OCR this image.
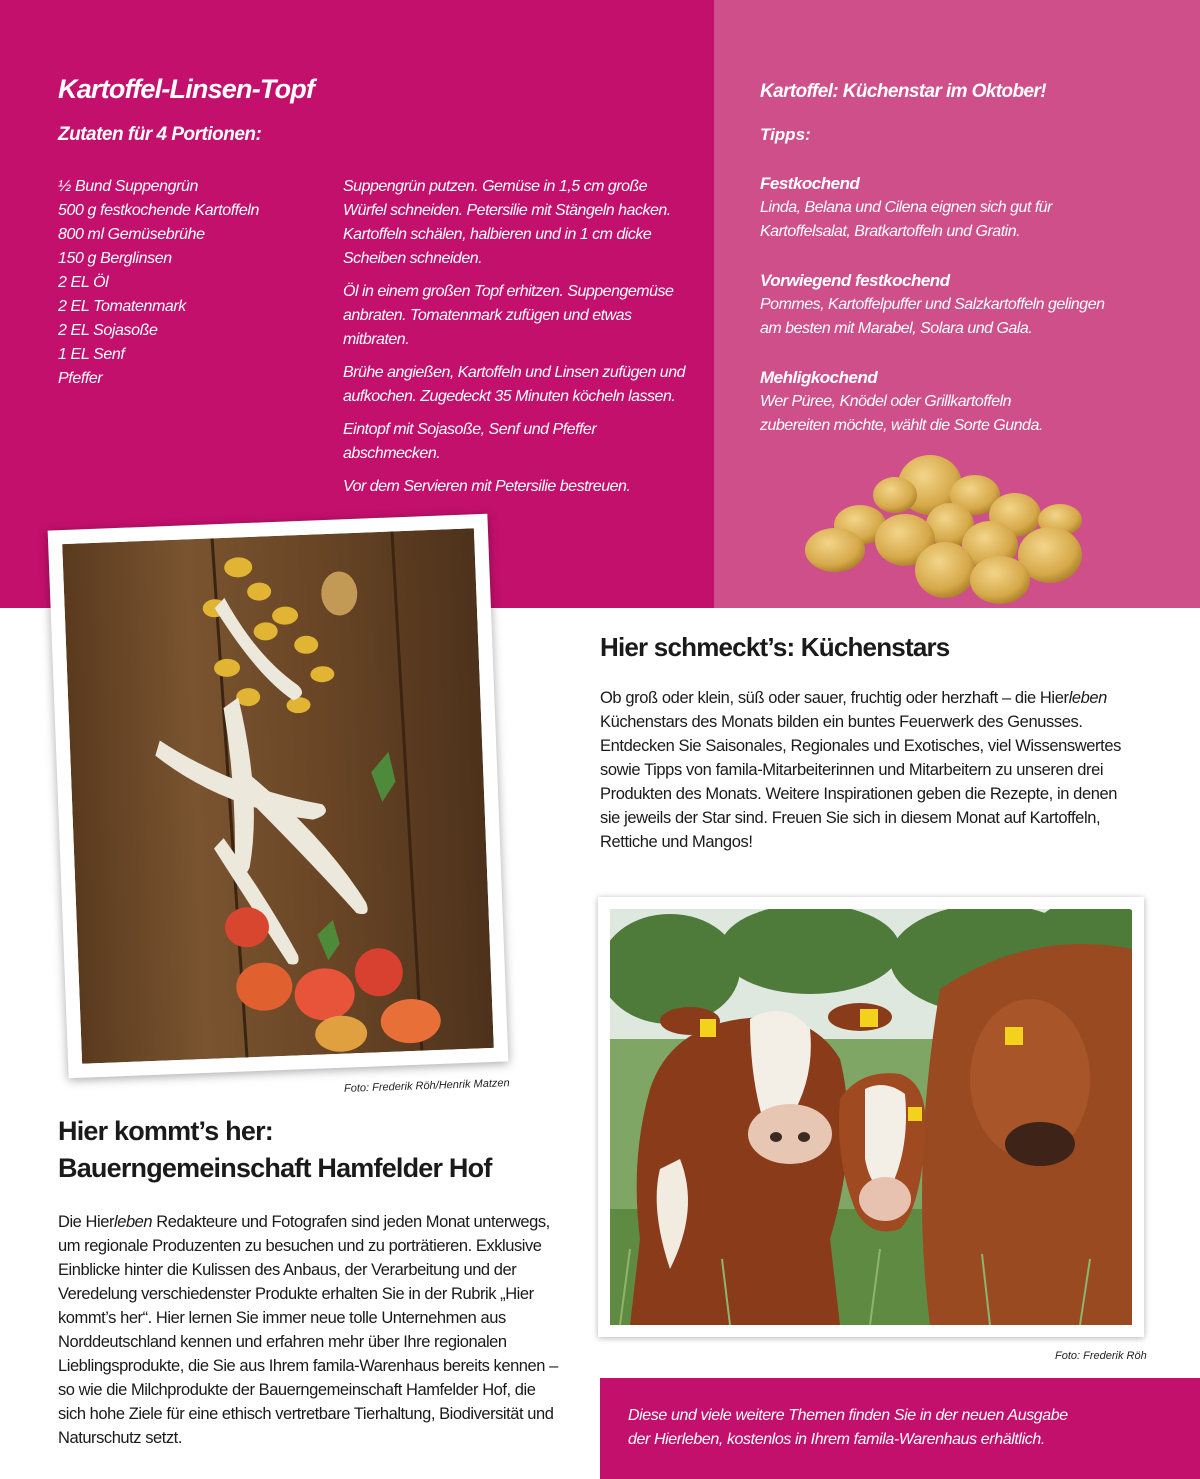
Kartoffel-Linsen-Topf
Zutaten für 4 Portionen:
½ Bund Suppengrün
500 g festkochende Kartoffeln
800 ml Gemüsebrühe
150 g Berglinsen
2 EL Öl
2 EL Tomatenmark
2 EL Sojasoße
1 EL Senf
Pfeffer

Suppengrün putzen. Gemüse in 1,5 cm große Würfel schneiden. Petersilie mit Stängeln hacken. Kartoffeln schälen, halbieren und in 1 cm dicke Scheiben schneiden.

Öl in einem großen Topf erhitzen. Suppengemüse anbraten. Tomatenmark zufügen und etwas mitbraten.

Brühe angießen, Kartoffeln und Linsen zufügen und aufkochen. Zugedeckt 35 Minuten köcheln lassen.

Eintopf mit Sojasoße, Senf und Pfeffer abschmecken.

Vor dem Servieren mit Petersilie bestreuen.

Kartoffel: Küchenstar im Oktober!
Tipps:
Festkochend
Linda, Belana und Cilena eignen sich gut für Kartoffelsalat, Bratkartoffeln und Gratin.
Vorwiegend festkochend
Pommes, Kartoffelpuffer und Salzkartoffeln gelingen am besten mit Marabel, Solara und Gala.
Mehligkochend
Wer Püree, Knödel oder Grillkartoffeln zubereiten möchte, wählt die Sorte Gunda.
Foto: Frederik Röh/Henrik Matzen
Hier schmeckt’s: Küchenstars
Ob groß oder klein, süß oder sauer, fruchtig oder herzhaft – die Hierleben Küchenstars des Monats bilden ein buntes Feuerwerk des Genusses. Entdecken Sie Saisonales, Regionales und Exotisches, viel Wissenswertes sowie Tipps von famila-Mitarbeiterinnen und Mitarbeitern zu unseren drei Produkten des Monats. Weitere Inspirationen geben die Rezepte, in denen sie jeweils der Star sind. Freuen Sie sich in diesem Monat auf Kartoffeln, Rettiche und Mangos!
Foto: Frederik Röh
Hier kommt’s her:
Bauerngemeinschaft Hamfelder Hof
Die Hierleben Redakteure und Fotografen sind jeden Monat unterwegs, um regionale Produzenten zu besuchen und zu porträtieren. Exklusive Einblicke hinter die Kulissen des Anbaus, der Verarbeitung und der Veredelung verschiedenster Produkte erhalten Sie in der Rubrik „Hier kommt’s her“. Hier lernen Sie immer neue tolle Unternehmen aus Norddeutschland kennen und erfahren mehr über Ihre regionalen Lieblingsprodukte, die Sie aus Ihrem famila-Warenhaus bereits kennen – so wie die Milchprodukte der Bauerngemeinschaft Hamfelder Hof, die sich hohe Ziele für eine ethisch vertretbare Tierhaltung, Biodiversität und Naturschutz setzt.
Diese und viele weitere Themen finden Sie in der neuen Ausgabe
der Hierleben, kostenlos in Ihrem famila-Warenhaus erhältlich.
